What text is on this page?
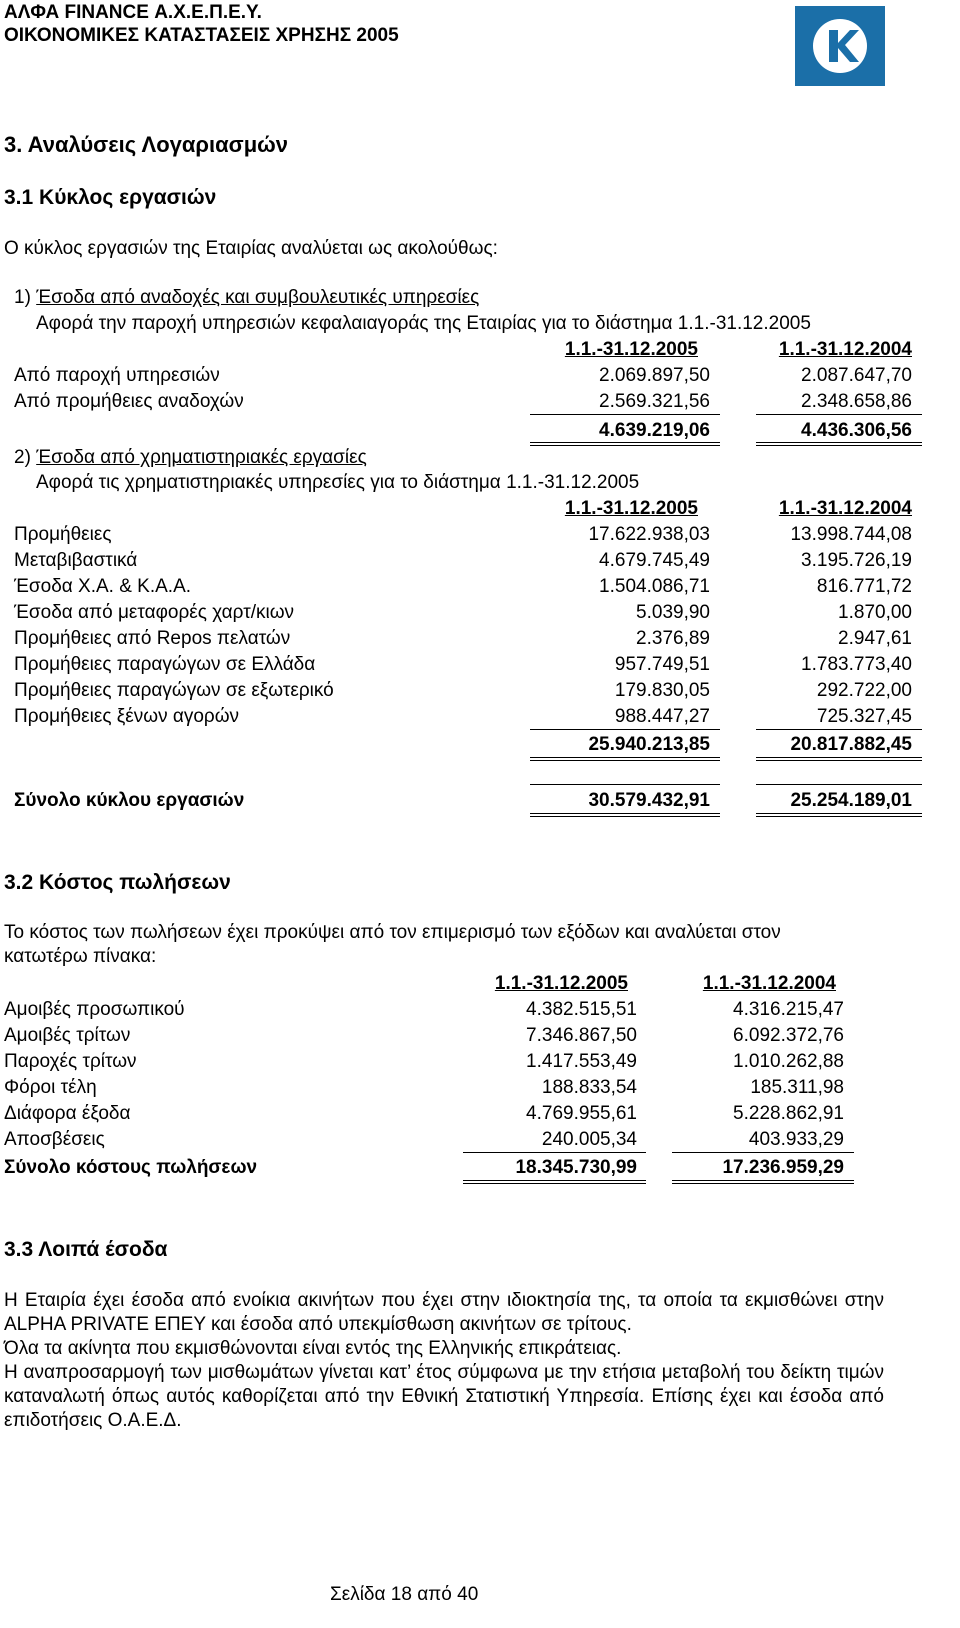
ΑΛΦΑ FINANCE Α.Χ.Ε.Π.Ε.Υ.
ΟΙΚΟΝΟΜΙΚΕΣ ΚΑΤΑΣΤΑΣΕΙΣ ΧΡΗΣΗΣ 2005
3. Αναλύσεις Λογαριασμών
3.1 Κύκλος εργασιών
Ο κύκλος εργασιών της Εταιρίας αναλύεται ως ακολούθως:
1) Έσοδα από αναδοχές και συμβουλευτικές υπηρεσίες
Αφορά την παροχή υπηρεσιών κεφαλαιαγοράς της Εταιρίας για το διάστημα 1.1.-31.12.2005
1.1.-31.12.2005	1.1.-31.12.2004
Από παροχή υπηρεσιών	2.069.897,50	2.087.647,70
Από προμήθειες αναδοχών	2.569.321,56	2.348.658,86
4.639.219,06	4.436.306,56
2) Έσοδα από χρηματιστηριακές εργασίες
Αφορά τις χρηματιστηριακές υπηρεσίες για το διάστημα 1.1.-31.12.2005
1.1.-31.12.2005	1.1.-31.12.2004
Προμήθειες	17.622.938,03	13.998.744,08
Μεταβιβαστικά	4.679.745,49	3.195.726,19
Έσοδα Χ.Α. & Κ.Α.Α.	1.504.086,71	816.771,72
Έσοδα από μεταφορές χαρτ/κιων	5.039,90	1.870,00
Προμήθειες από Repos πελατών	2.376,89	2.947,61
Προμήθειες παραγώγων σε Ελλάδα	957.749,51	1.783.773,40
Προμήθειες παραγώγων σε εξωτερικό	179.830,05	292.722,00
Προμήθειες ξένων αγορών	988.447,27	725.327,45
25.940.213,85	20.817.882,45
Σύνολο κύκλου εργασιών	30.579.432,91	25.254.189,01
3.2 Κόστος πωλήσεων
Το κόστος των πωλήσεων έχει προκύψει από τον επιμερισμό των εξόδων και αναλύεται στον
κατωτέρω πίνακα:
1.1.-31.12.2005	1.1.-31.12.2004
Αμοιβές προσωπικού	4.382.515,51	4.316.215,47
Αμοιβές τρίτων	7.346.867,50	6.092.372,76
Παροχές τρίτων	1.417.553,49	1.010.262,88
Φόροι τέλη	188.833,54	185.311,98
Διάφορα έξοδα	4.769.955,61	5.228.862,91
Αποσβέσεις	240.005,34	403.933,29
Σύνολο κόστους πωλήσεων	18.345.730,99	17.236.959,29
3.3 Λοιπά έσοδα

Η Εταιρία έχει έσοδα από ενοίκια ακινήτων που έχει στην ιδιοκτησία της, τα οποία τα εκμισθώνει στην ALPHA PRIVATE ΕΠΕΥ και έσοδα από υπεκμίσθωση ακινήτων σε τρίτους.

Όλα τα ακίνητα που εκμισθώνονται είναι εντός της Ελληνικής επικράτειας.

Η αναπροσαρμογή των μισθωμάτων γίνεται κατ’ έτος σύμφωνα με την ετήσια μεταβολή του δείκτη τιμών καταναλωτή όπως αυτός καθορίζεται από την Εθνική Στατιστική Υπηρεσία. Επίσης έχει και έσοδα από επιδοτήσεις Ο.Α.Ε.Δ.

Σελίδα 18 από 40
